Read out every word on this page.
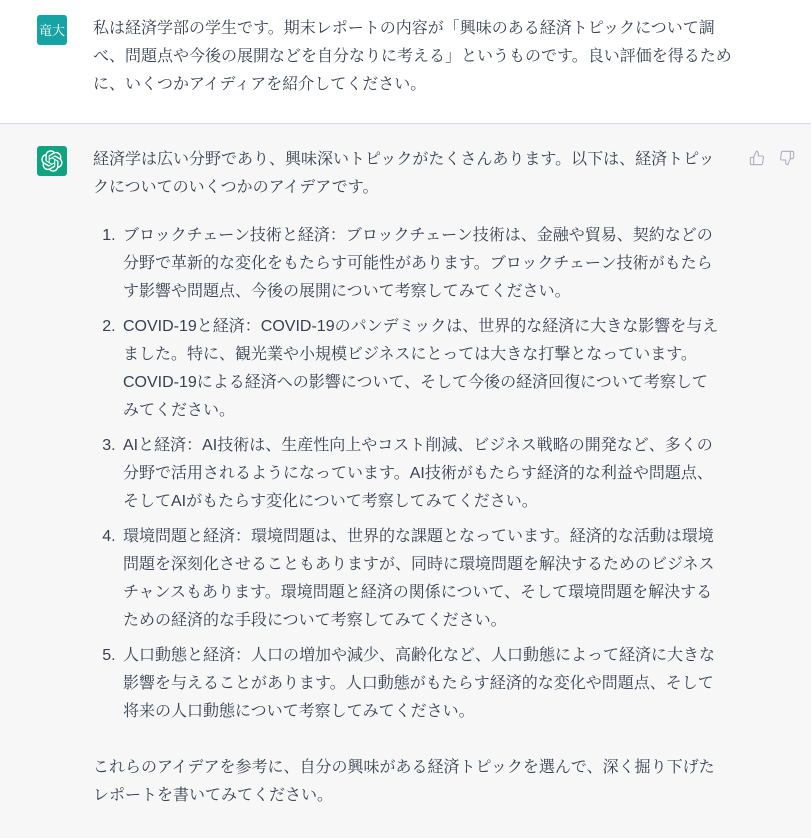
竜大 私は経済学部の学生です。期末レポートの内容が「興味のある経済トピックについて調べ、問題点や今後の展開などを自分なりに考える」というものです。良い評価を得るために、いくつかアイディアを紹介してください。

経済学は広い分野であり、興味深いトピックがたくさんあります。以下は、経済トピックについてのいくつかのアイデアです。

1. ブロックチェーン技術と経済：ブロックチェーン技術は、金融や貿易、契約などの分野で革新的な変化をもたらす可能性があります。ブロックチェーン技術がもたらす影響や問題点、今後の展開について考察してみてください。
2. COVID-19と経済：COVID-19のパンデミックは、世界的な経済に大きな影響を与えました。特に、観光業や小規模ビジネスにとっては大きな打撃となっています。COVID-19による経済への影響について、そして今後の経済回復について考察してみてください。
3. AIと経済：AI技術は、生産性向上やコスト削減、ビジネス戦略の開発など、多くの分野で活用されるようになっています。AI技術がもたらす経済的な利益や問題点、そしてAIがもたらす変化について考察してみてください。
4. 環境問題と経済：環境問題は、世界的な課題となっています。経済的な活動は環境問題を深刻化させることもありますが、同時に環境問題を解決するためのビジネスチャンスもあります。環境問題と経済の関係について、そして環境問題を解決するための経済的な手段について考察してみてください。
5. 人口動態と経済：人口の増加や減少、高齢化など、人口動態によって経済に大きな影響を与えることがあります。人口動態がもたらす経済的な変化や問題点、そして将来の人口動態について考察してみてください。

これらのアイデアを参考に、自分の興味がある経済トピックを選んで、深く掘り下げたレポートを書いてみてください。
